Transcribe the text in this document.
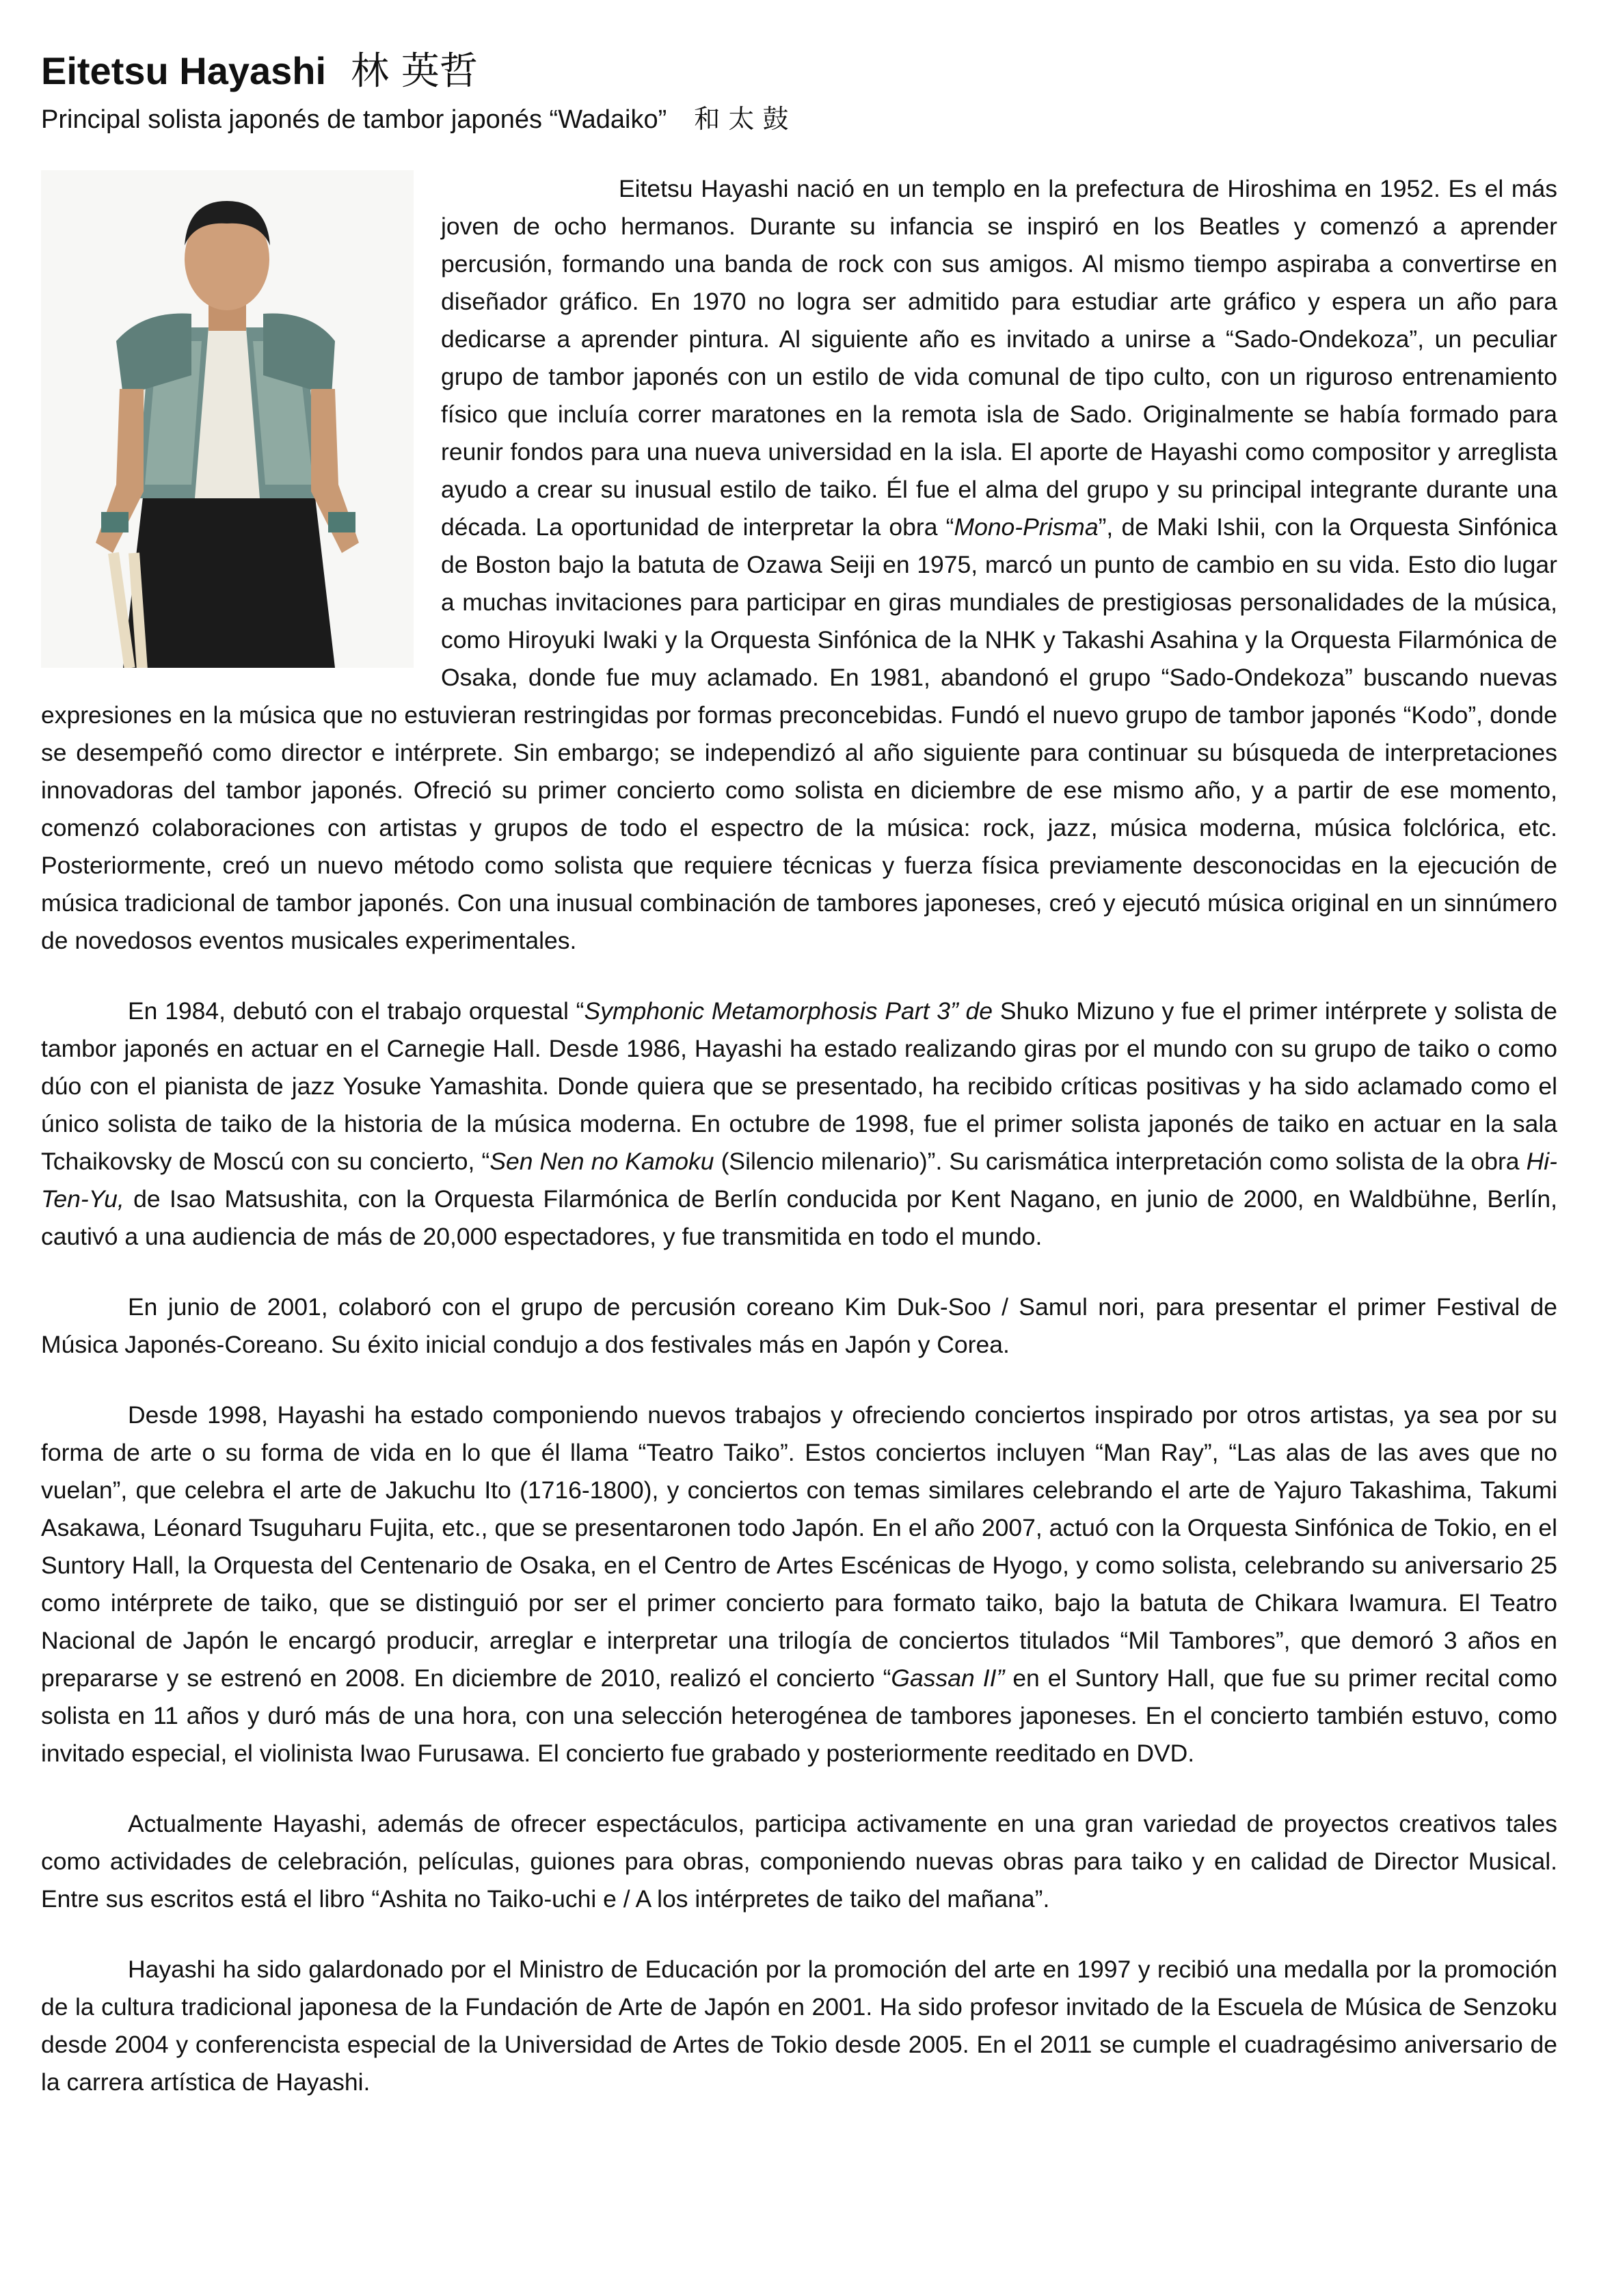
Eitetsu Hayashi 林 英哲

Principal solista japonés de tambor japonés “Wadaiko” 和 太 鼓

Eitetsu Hayashi nació en un templo en la prefectura de Hiroshima en 1952. Es el más joven de ocho hermanos. Durante su infancia se inspiró en los Beatles y comenzó a aprender percusión, formando una banda de rock con sus amigos. Al mismo tiempo aspiraba a convertirse en diseñador gráfico. En 1970 no logra ser admitido para estudiar arte gráfico y espera un año para dedicarse a aprender pintura. Al siguiente año es invitado a unirse a “Sado-Ondekoza”, un peculiar grupo de tambor japonés con un estilo de vida comunal de tipo culto, con un riguroso entrenamiento físico que incluía correr maratones en la remota isla de Sado. Originalmente se había formado para reunir fondos para una nueva universidad en la isla. El aporte de Hayashi como compositor y arreglista ayudo a crear su inusual estilo de taiko. Él fue el alma del grupo y su principal integrante durante una década. La oportunidad de interpretar la obra “Mono-Prisma”, de Maki Ishii, con la Orquesta Sinfónica de Boston bajo la batuta de Ozawa Seiji en 1975, marcó un punto de cambio en su vida. Esto dio lugar a muchas invitaciones para participar en giras mundiales de prestigiosas personalidades de la música, como Hiroyuki Iwaki y la Orquesta Sinfónica de la NHK y Takashi Asahina y la Orquesta Filarmónica de Osaka, donde fue muy aclamado. En 1981, abandonó el grupo “Sado-Ondekoza” buscando nuevas expresiones en la música que no estuvieran restringidas por formas preconcebidas. Fundó el nuevo grupo de tambor japonés “Kodo”, donde se desempeñó como director e intérprete. Sin embargo; se independizó al año siguiente para continuar su búsqueda de interpretaciones innovadoras del tambor japonés. Ofreció su primer concierto como solista en diciembre de ese mismo año, y a partir de ese momento, comenzó colaboraciones con artistas y grupos de todo el espectro de la música: rock, jazz, música moderna, música folclórica, etc. Posteriormente, creó un nuevo método como solista que requiere técnicas y fuerza física previamente desconocidas en la ejecución de música tradicional de tambor japonés. Con una inusual combinación de tambores japoneses, creó y ejecutó música original en un sinnúmero de novedosos eventos musicales experimentales.

En 1984, debutó con el trabajo orquestal “Symphonic Metamorphosis Part 3” de Shuko Mizuno y fue el primer intérprete y solista de tambor japonés en actuar en el Carnegie Hall. Desde 1986, Hayashi ha estado realizando giras por el mundo con su grupo de taiko o como dúo con el pianista de jazz Yosuke Yamashita. Donde quiera que se presentado, ha recibido críticas positivas y ha sido aclamado como el único solista de taiko de la historia de la música moderna. En octubre de 1998, fue el primer solista japonés de taiko en actuar en la sala Tchaikovsky de Moscú con su concierto, “Sen Nen no Kamoku (Silencio milenario)”. Su carismática interpretación como solista de la obra Hi-Ten-Yu, de Isao Matsushita, con la Orquesta Filarmónica de Berlín conducida por Kent Nagano, en junio de 2000, en Waldbühne, Berlín, cautivó a una audiencia de más de 20,000 espectadores, y fue transmitida en todo el mundo.

En junio de 2001, colaboró con el grupo de percusión coreano Kim Duk-Soo / Samul nori, para presentar el primer Festival de Música Japonés-Coreano. Su éxito inicial condujo a dos festivales más en Japón y Corea.

Desde 1998, Hayashi ha estado componiendo nuevos trabajos y ofreciendo conciertos inspirado por otros artistas, ya sea por su forma de arte o su forma de vida en lo que él llama “Teatro Taiko”. Estos conciertos incluyen “Man Ray”, “Las alas de las aves que no vuelan”, que celebra el arte de Jakuchu Ito (1716-1800), y conciertos con temas similares celebrando el arte de Yajuro Takashima, Takumi Asakawa, Léonard Tsuguharu Fujita, etc., que se presentaronen todo Japón. En el año 2007, actuó con la Orquesta Sinfónica de Tokio, en el Suntory Hall, la Orquesta del Centenario de Osaka, en el Centro de Artes Escénicas de Hyogo, y como solista, celebrando su aniversario 25 como intérprete de taiko, que se distinguió por ser el primer concierto para formato taiko, bajo la batuta de Chikara Iwamura. El Teatro Nacional de Japón le encargó producir, arreglar e interpretar una trilogía de conciertos titulados “Mil Tambores”, que demoró 3 años en prepararse y se estrenó en 2008. En diciembre de 2010, realizó el concierto “Gassan II” en el Suntory Hall, que fue su primer recital como solista en 11 años y duró más de una hora, con una selección heterogénea de tambores japoneses. En el concierto también estuvo, como invitado especial, el violinista Iwao Furusawa. El concierto fue grabado y posteriormente reeditado en DVD.

Actualmente Hayashi, además de ofrecer espectáculos, participa activamente en una gran variedad de proyectos creativos tales como actividades de celebración, películas, guiones para obras, componiendo nuevas obras para taiko y en calidad de Director Musical. Entre sus escritos está el libro “Ashita no Taiko-uchi e / A los intérpretes de taiko del mañana”.

Hayashi ha sido galardonado por el Ministro de Educación por la promoción del arte en 1997 y recibió una medalla por la promoción de la cultura tradicional japonesa de la Fundación de Arte de Japón en 2001. Ha sido profesor invitado de la Escuela de Música de Senzoku desde 2004 y conferencista especial de la Universidad de Artes de Tokio desde 2005. En el 2011 se cumple el cuadragésimo aniversario de la carrera artística de Hayashi.
